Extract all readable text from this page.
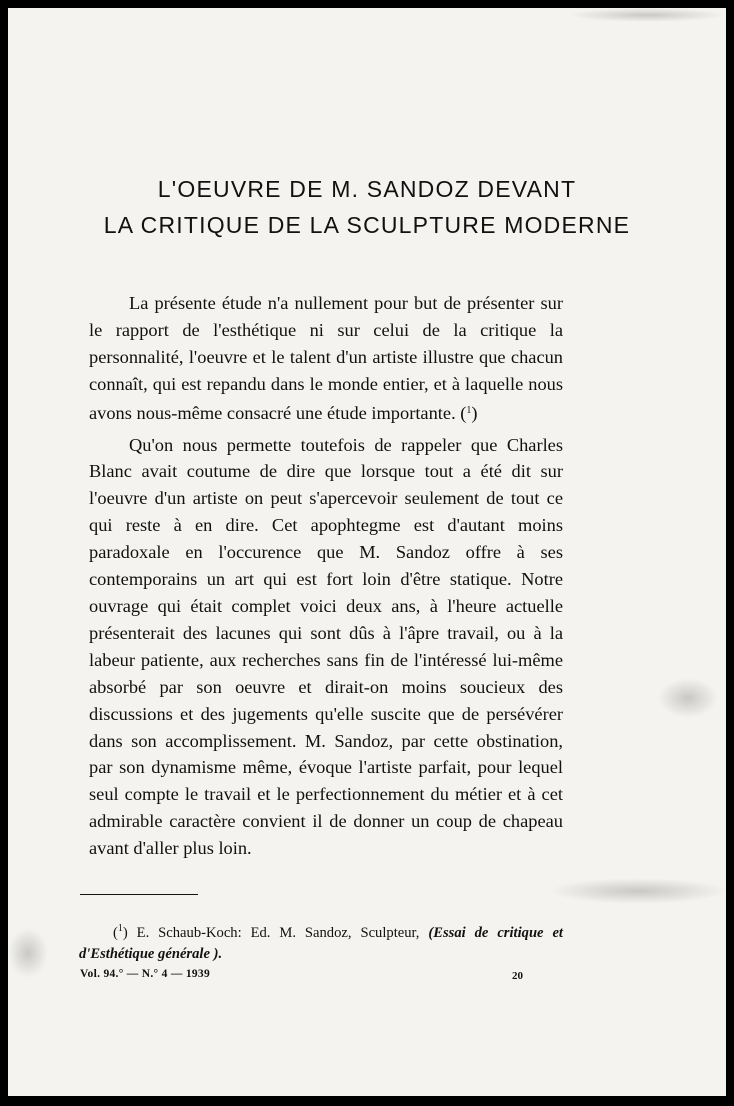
L'OEUVRE DE M. SANDOZ DEVANT
LA CRITIQUE DE LA SCULPTURE MODERNE

La présente étude n'a nullement pour but de présenter sur le rapport de l'esthétique ni sur celui de la critique la personnalité, l'oeuvre et le talent d'un artiste illustre que chacun connaît, qui est repandu dans le monde entier, et à laquelle nous avons nous-même consacré une étude importante. ($^1$)

Qu'on nous permette toutefois de rappeler que Charles Blanc avait coutume de dire que lorsque tout a été dit sur l'oeuvre d'un artiste on peut s'apercevoir seulement de tout ce qui reste à en dire. Cet apophtegme est d'autant moins paradoxale en l'occurence que M. Sandoz offre à ses contemporains un art qui est fort loin d'être statique. Notre ouvrage qui était complet voici deux ans, à l'heure actuelle présenterait des lacunes qui sont dûs à l'âpre travail, ou à la labeur patiente, aux recherches sans fin de l'intéressé lui-même absorbé par son oeuvre et dirait-on moins soucieux des discussions et des jugements qu'elle suscite que de persévérer dans son accomplissement. M. Sandoz, par cette obstination, par son dynamisme même, évoque l'artiste parfait, pour lequel seul compte le travail et le perfectionnement du métier et à cet admirable caractère convient il de donner un coup de chapeau avant d'aller plus loin.

($^1$) E. Schaub-Koch: Ed. M. Sandoz, Sculpteur, (Essai de critique et d'Esthétique générale ).
Vol. 94.° — N.° 4 — 1939	20
